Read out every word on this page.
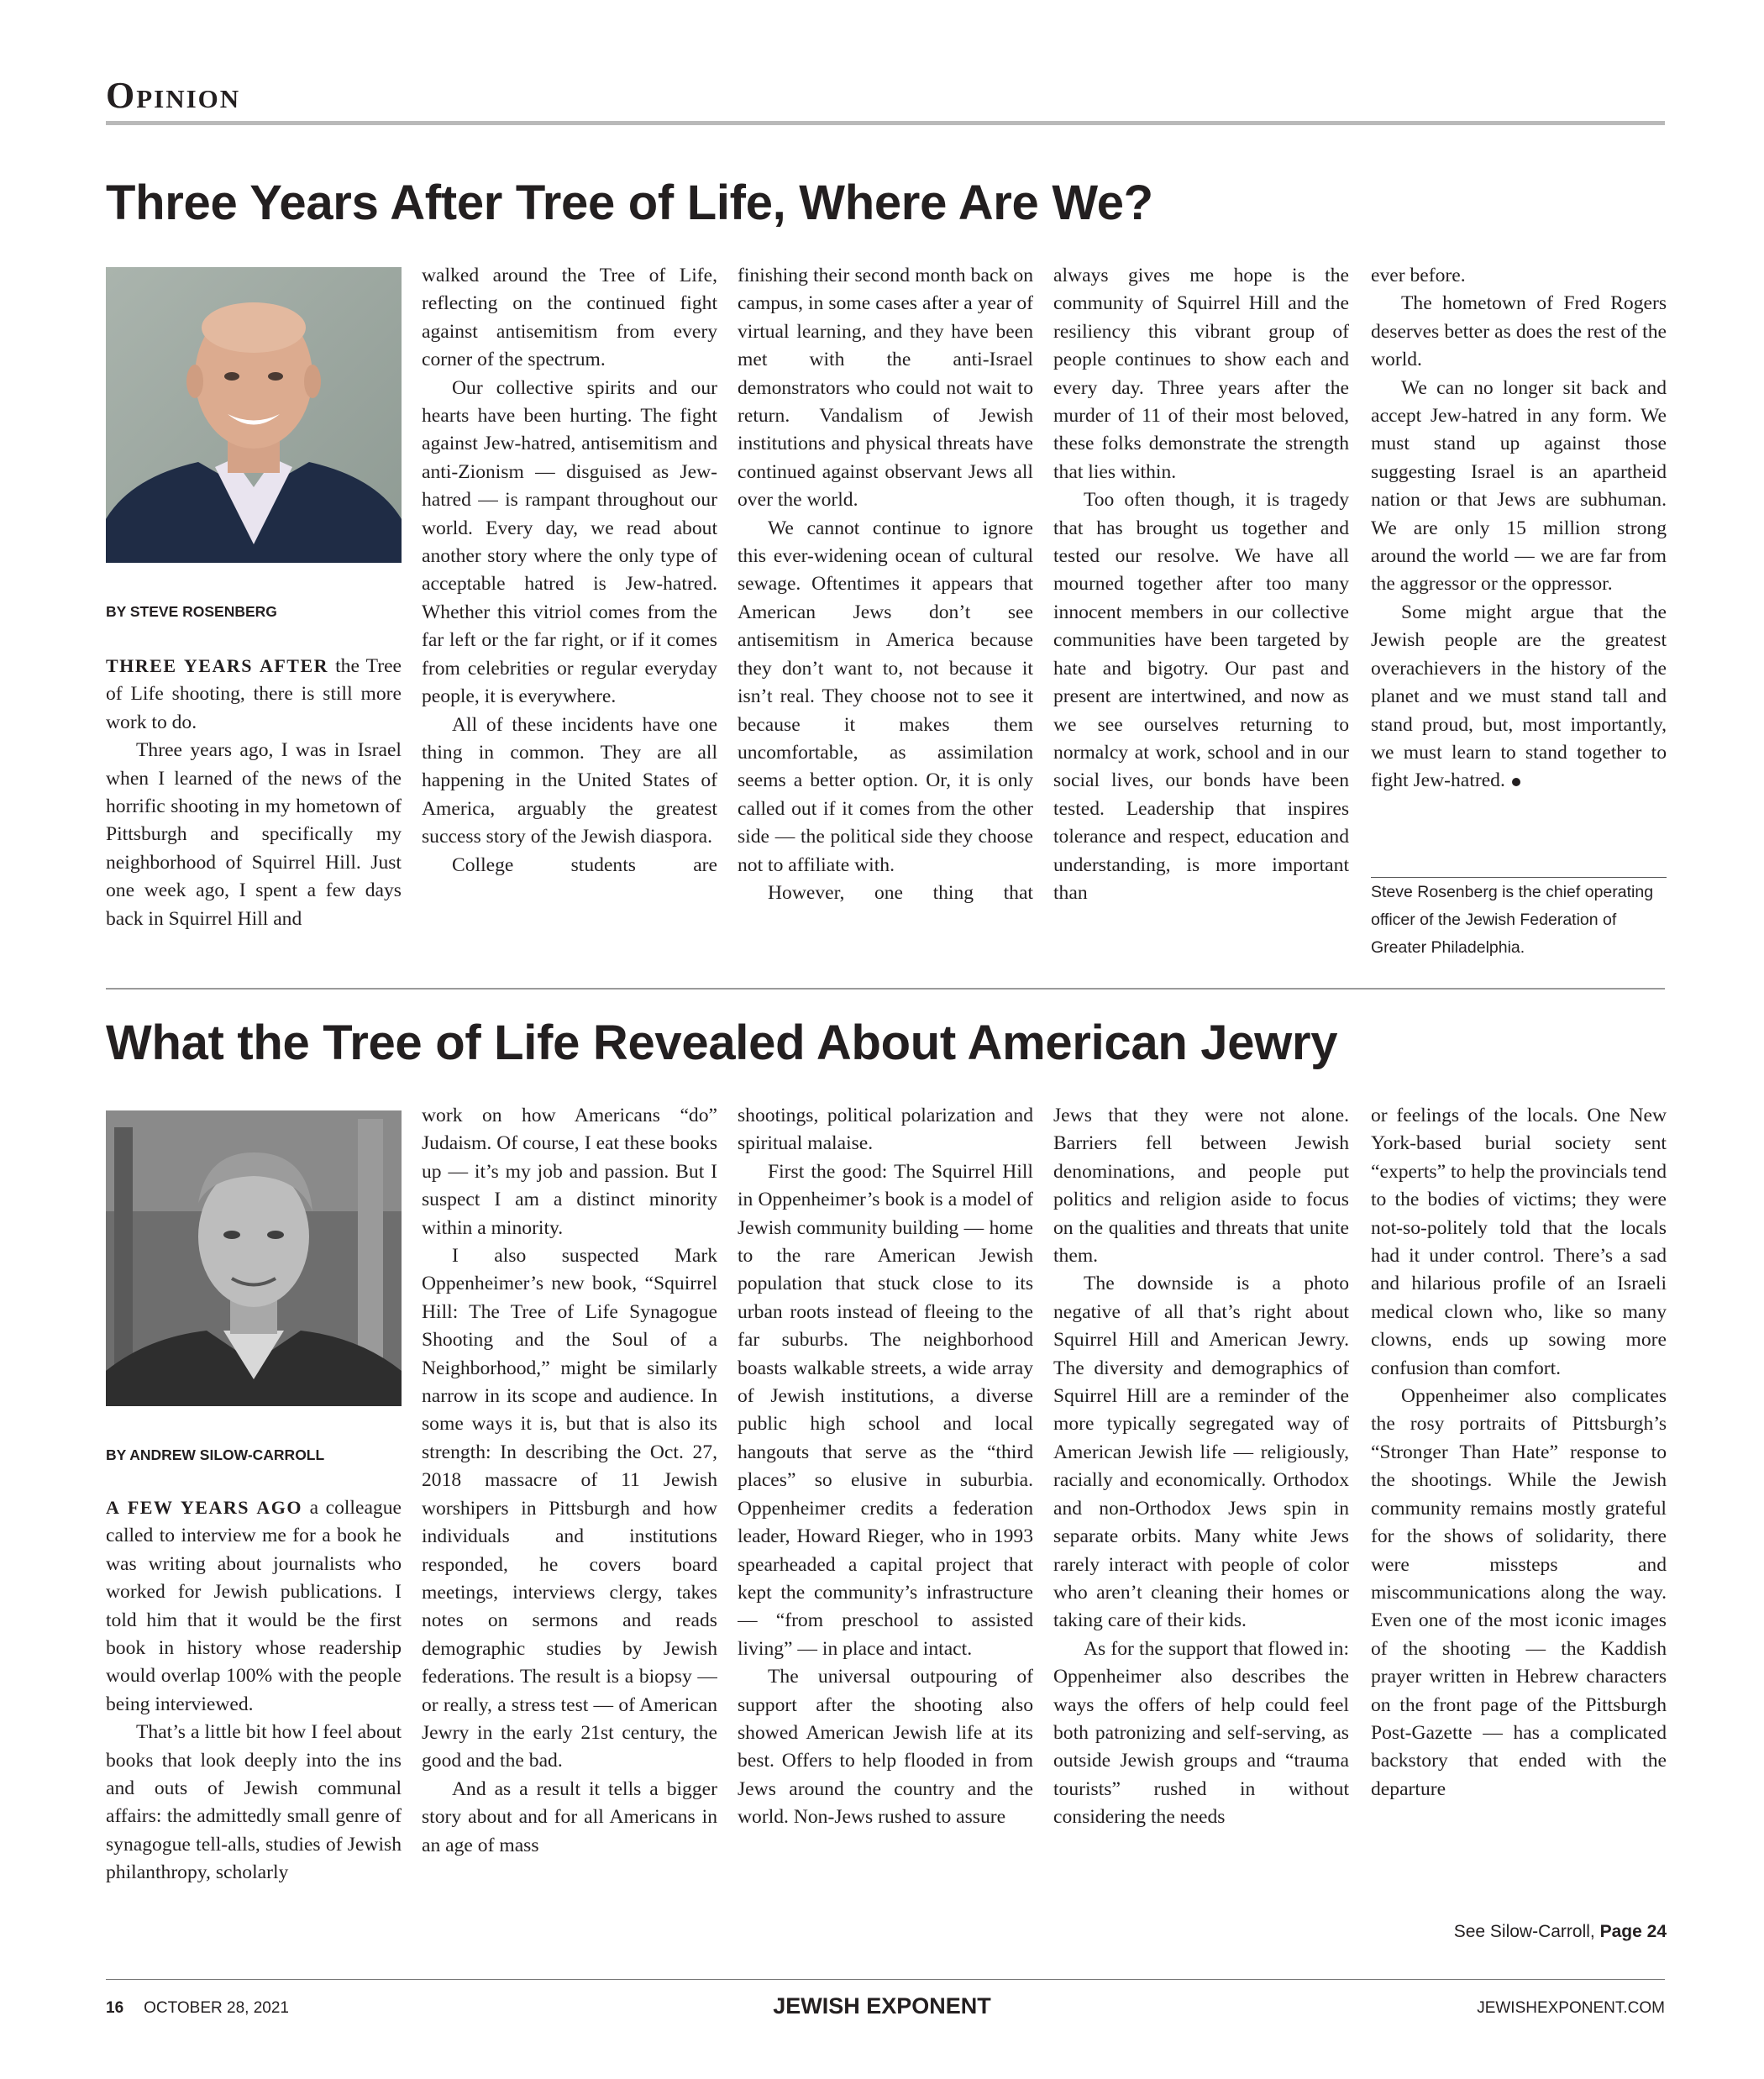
Opinion
Three Years After Tree of Life, Where Are We?
BY STEVE ROSENBERG

THREE YEARS AFTER the Tree of Life shooting, there is still more work to do.

Three years ago, I was in Israel when I learned of the news of the horrific shooting in my hometown of Pittsburgh and specifically my neighborhood of Squirrel Hill. Just one week ago, I spent a few days back in Squirrel Hill and

walked around the Tree of Life, reflecting on the continued fight against antisemitism from every corner of the spectrum.

Our collective spirits and our hearts have been hurting. The fight against Jew-hatred, antisemitism and anti-Zionism — disguised as Jew-hatred — is rampant throughout our world. Every day, we read about another story where the only type of acceptable hatred is Jew-hatred. Whether this vitriol comes from the far left or the far right, or if it comes from celebrities or regular everyday people, it is everywhere.

All of these incidents have one thing in common. They are all happening in the United States of America, arguably the greatest success story of the Jewish diaspora.

College students are

finishing their second month back on campus, in some cases after a year of virtual learning, and they have been met with the anti-Israel demonstrators who could not wait to return. Vandalism of Jewish institutions and physical threats have continued against observant Jews all over the world.

We cannot continue to ignore this ever-widening ocean of cultural sewage. Oftentimes it appears that American Jews don’t see antisemitism in America because they don’t want to, not because it isn’t real. They choose not to see it because it makes them uncomfortable, as assimilation seems a better option. Or, it is only called out if it comes from the other side — the political side they choose not to affiliate with.

However, one thing that

always gives me hope is the community of Squirrel Hill and the resiliency this vibrant group of people continues to show each and every day. Three years after the murder of 11 of their most beloved, these folks demonstrate the strength that lies within.

Too often though, it is tragedy that has brought us together and tested our resolve. We have all mourned together after too many innocent members in our collective communities have been targeted by hate and bigotry. Our past and present are intertwined, and now as we see ourselves returning to normalcy at work, school and in our social lives, our bonds have been tested. Leadership that inspires tolerance and respect, education and understanding, is more important than

ever before.

The hometown of Fred Rogers deserves better as does the rest of the world.

We can no longer sit back and accept Jew-hatred in any form. We must stand up against those suggesting Israel is an apartheid nation or that Jews are subhuman. We are only 15 million strong around the world — we are far from the aggressor or the oppressor.

Some might argue that the Jewish people are the greatest overachievers in the history of the planet and we must stand tall and stand proud, but, most importantly, we must learn to stand together to fight Jew-hatred.

Steve Rosenberg is the chief operating officer of the Jewish Federation of Greater Philadelphia.
What the Tree of Life Revealed About American Jewry
BY ANDREW SILOW-CARROLL

A FEW YEARS AGO a colleague called to interview me for a book he was writing about journalists who worked for Jewish publications. I told him that it would be the first book in history whose readership would overlap 100% with the people being interviewed.

That’s a little bit how I feel about books that look deeply into the ins and outs of Jewish communal affairs: the admittedly small genre of synagogue tell-alls, studies of Jewish philanthropy, scholarly

work on how Americans “do” Judaism. Of course, I eat these books up — it’s my job and passion. But I suspect I am a distinct minority within a minority.

I also suspected Mark Oppenheimer’s new book, “Squirrel Hill: The Tree of Life Synagogue Shooting and the Soul of a Neighborhood,” might be similarly narrow in its scope and audience. In some ways it is, but that is also its strength: In describing the Oct. 27, 2018 massacre of 11 Jewish worshipers in Pittsburgh and how individuals and institutions responded, he covers board meetings, interviews clergy, takes notes on sermons and reads demographic studies by Jewish federations. The result is a biopsy — or really, a stress test — of American Jewry in the early 21st century, the good and the bad.

And as a result it tells a bigger story about and for all Americans in an age of mass

shootings, political polarization and spiritual malaise.

First the good: The Squirrel Hill in Oppenheimer’s book is a model of Jewish community building — home to the rare American Jewish population that stuck close to its urban roots instead of fleeing to the far suburbs. The neighborhood boasts walkable streets, a wide array of Jewish institutions, a diverse public high school and local hangouts that serve as the “third places” so elusive in suburbia. Oppenheimer credits a federation leader, Howard Rieger, who in 1993 spearheaded a capital project that kept the community’s infrastructure — “from preschool to assisted living” — in place and intact.

The universal outpouring of support after the shooting also showed American Jewish life at its best. Offers to help flooded in from Jews around the country and the world. Non-Jews rushed to assure

Jews that they were not alone. Barriers fell between Jewish denominations, and people put politics and religion aside to focus on the qualities and threats that unite them.

The downside is a photo negative of all that’s right about Squirrel Hill and American Jewry. The diversity and demographics of Squirrel Hill are a reminder of the more typically segregated way of American Jewish life — religiously, racially and economically. Orthodox and non-Orthodox Jews spin in separate orbits. Many white Jews rarely interact with people of color who aren’t cleaning their homes or taking care of their kids.

As for the support that flowed in: Oppenheimer also describes the ways the offers of help could feel both patronizing and self-serving, as outside Jewish groups and “trauma tourists” rushed in without considering the needs

or feelings of the locals. One New York-based burial society sent “experts” to help the provincials tend to the bodies of victims; they were not-so-politely told that the locals had it under control. There’s a sad and hilarious profile of an Israeli medical clown who, like so many clowns, ends up sowing more confusion than comfort.

Oppenheimer also complicates the rosy portraits of Pittsburgh’s “Stronger Than Hate” response to the shootings. While the Jewish community remains mostly grateful for the shows of solidarity, there were missteps and miscommunications along the way. Even one of the most iconic images of the shooting — the Kaddish prayer written in Hebrew characters on the front page of the Pittsburgh Post-Gazette — has a complicated backstory that ended with the departure

See Silow-Carroll, Page 24
16 OCTOBER 28, 2021	JEWISH EXPONENT	JEWISHEXPONENT.COM
